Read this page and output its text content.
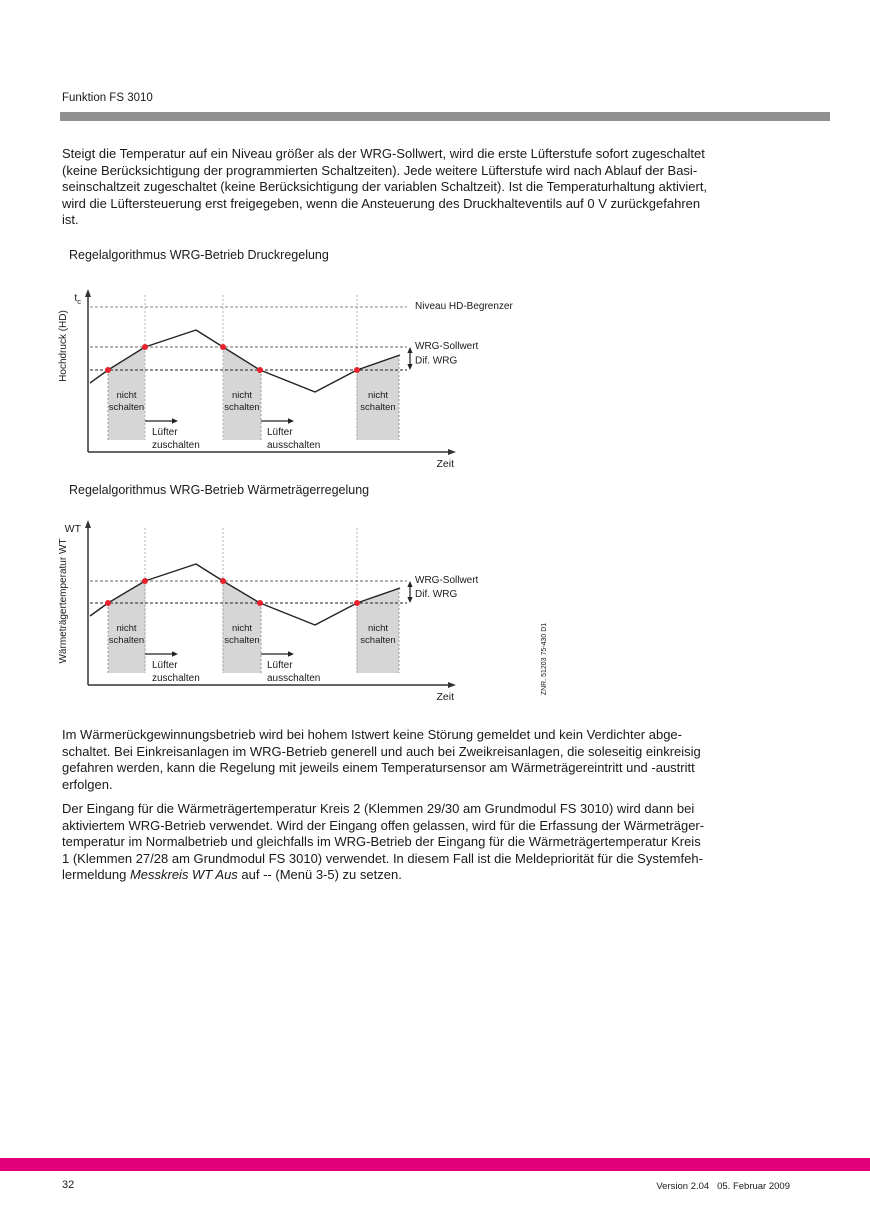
Funktion FS 3010
Steigt die Temperatur auf ein Niveau größer als der WRG-Sollwert, wird die erste Lüfterstufe sofort zugeschaltet
(keine Berücksichtigung der programmierten Schaltzeiten). Jede weitere Lüfterstufe wird nach Ablauf der Basi-
seinschaltzeit zugeschaltet (keine Berücksichtigung der variablen Schaltzeit). Ist die Temperaturhaltung aktiviert,
wird die Lüftersteuerung erst freigegeben, wenn die Ansteuerung des Druckhalteventils auf 0 V zurückgefahren
ist.
Regelalgorithmus WRG-Betrieb Druckregelung
nicht
schalten
nicht
schalten
nicht
schalten
Niveau HD-Begrenzer
WRG-Sollwert
Dif. WRG
Lüfter
zuschalten
Lüfter
ausschalten
$t_c$
Hochdruck (HD)
Zeit
Regelalgorithmus WRG-Betrieb Wärmeträgerregelung
nicht
schalten
nicht
schalten
nicht
schalten
WRG-Sollwert
Dif. WRG
Lüfter
zuschalten
Lüfter
ausschalten
WT
Wärmeträgertemperatur WT
Zeit
ZNR. 51203 75-430 D1
Im Wärmerückgewinnungsbetrieb wird bei hohem Istwert keine Störung gemeldet und kein Verdichter abge-
schaltet. Bei Einkreisanlagen im WRG-Betrieb generell und auch bei Zweikreisanlagen, die soleseitig einkreisig
gefahren werden, kann die Regelung mit jeweils einem Temperatursensor am Wärmeträgereintritt und -austritt
erfolgen.
Der Eingang für die Wärmeträgertemperatur Kreis 2 (Klemmen 29/30 am Grundmodul FS 3010) wird dann bei
aktiviertem WRG-Betrieb verwendet. Wird der Eingang offen gelassen, wird für die Erfassung der Wärmeträger-
temperatur im Normalbetrieb und gleichfalls im WRG-Betrieb der Eingang für die Wärmeträgertemperatur Kreis
1 (Klemmen 27/28 am Grundmodul FS 3010) verwendet. In diesem Fall ist die Meldepriorität für die Systemfeh-
lermeldung Messkreis WT Aus auf -- (Menü 3-5) zu setzen.
32	Version 2.04   05. Februar 2009
